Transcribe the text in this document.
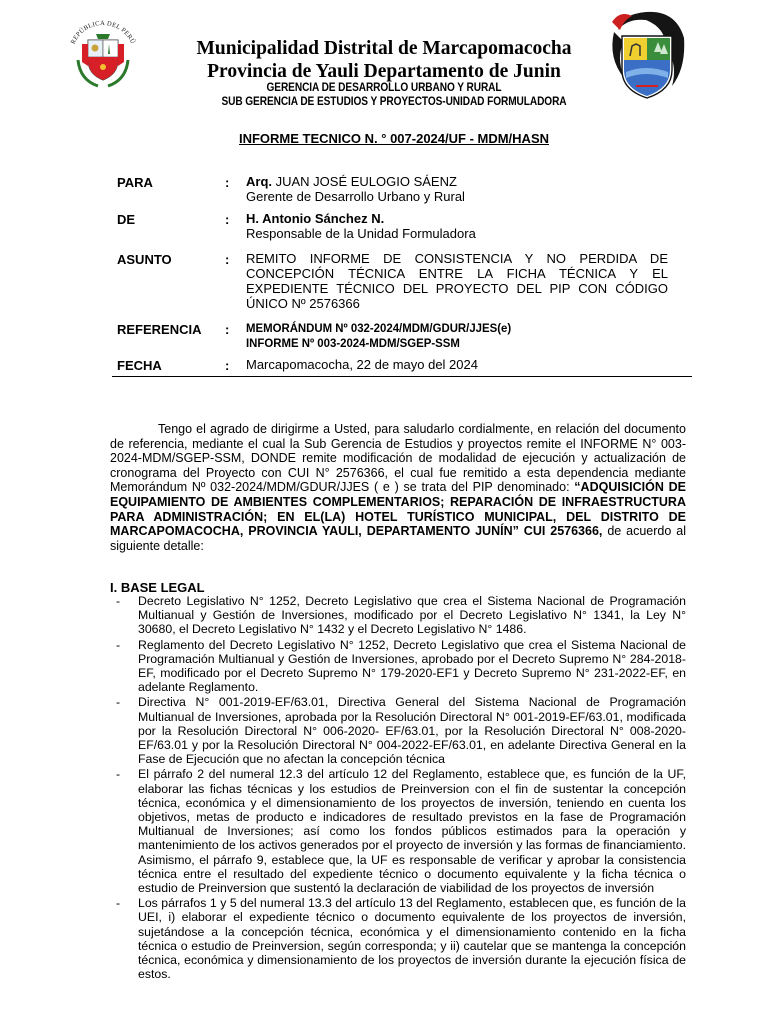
REPÚBLICA DEL PERÚ	Municipalidad Distrital de Marcapomacocha
Provincia de Yauli Departamento de Junin
GERENCIA DE DESARROLLO URBANO Y RURAL
SUB GERENCIA DE ESTUDIOS Y PROYECTOS-UNIDAD FORMULADORA
INFORME TECNICO N. ° 007-2024/UF - MDM/HASN
PARA	: Arq. JUAN JOSÉ EULOGIO SÁENZ
Gerente de Desarrollo Urbano y Rural
DE	: H. Antonio Sánchez N.
Responsable de la Unidad Formuladora
ASUNTO	: REMITO INFORME DE CONSISTENCIA Y NO PERDIDA DE CONCEPCIÓN TÉCNICA ENTRE LA FICHA TÉCNICA Y EL EXPEDIENTE TÉCNICO DEL PROYECTO DEL PIP CON CÓDIGO ÚNICO Nº 2576366
REFERENCIA : MEMORÁNDUM Nº 032-2024/MDM/GDUR/JJES(e)
INFORME Nº 003-2024-MDM/SGEP-SSM
FECHA	: Marcapomacocha, 22 de mayo del 2024
Tengo el agrado de dirigirme a Usted, para saludarlo cordialmente, en relación del documento de referencia, mediante el cual la Sub Gerencia de Estudios y proyectos remite el INFORME N° 003-2024-MDM/SGEP-SSM, DONDE remite modificación de modalidad de ejecución y actualización de cronograma del Proyecto con CUI N° 2576366, el cual fue remitido a esta dependencia mediante Memorándum Nº 032-2024/MDM/GDUR/JJES ( e ) se trata del PIP denominado: “ADQUISICIÓN DE EQUIPAMIENTO DE AMBIENTES COMPLEMENTARIOS; REPARACIÓN DE INFRAESTRUCTURA PARA ADMINISTRACIÓN; EN EL(LA) HOTEL TURÍSTICO MUNICIPAL, DEL DISTRITO DE MARCAPOMACOCHA, PROVINCIA YAULI, DEPARTAMENTO JUNÍN” CUI 2576366, de acuerdo al siguiente detalle:
I. BASE LEGAL
- Decreto Legislativo N° 1252, Decreto Legislativo que crea el Sistema Nacional de Programación Multianual y Gestión de Inversiones, modificado por el Decreto Legislativo N° 1341, la Ley N° 30680, el Decreto Legislativo N° 1432 y el Decreto Legislativo N° 1486.
- Reglamento del Decreto Legislativo N° 1252, Decreto Legislativo que crea el Sistema Nacional de Programación Multianual y Gestión de Inversiones, aprobado por el Decreto Supremo N° 284-2018-EF, modificado por el Decreto Supremo N° 179-2020-EF1 y Decreto Supremo N° 231-2022-EF, en adelante Reglamento.
- Directiva N° 001-2019-EF/63.01, Directiva General del Sistema Nacional de Programación Multianual de Inversiones, aprobada por la Resolución Directoral N° 001-2019-EF/63.01, modificada por la Resolución Directoral N° 006-2020- EF/63.01, por la Resolución Directoral N° 008-2020-EF/63.01 y por la Resolución Directoral N° 004-2022-EF/63.01, en adelante Directiva General en la Fase de Ejecución que no afectan la concepción técnica
- El párrafo 2 del numeral 12.3 del artículo 12 del Reglamento, establece que, es función de la UF, elaborar las fichas técnicas y los estudios de Preinversion con el fin de sustentar la concepción técnica, económica y el dimensionamiento de los proyectos de inversión, teniendo en cuenta los objetivos, metas de producto e indicadores de resultado previstos en la fase de Programación Multianual de Inversiones; así como los fondos públicos estimados para la operación y mantenimiento de los activos generados por el proyecto de inversión y las formas de financiamiento. Asimismo, el párrafo 9, establece que, la UF es responsable de verificar y aprobar la consistencia técnica entre el resultado del expediente técnico o documento equivalente y la ficha técnica o estudio de Preinversion que sustentó la declaración de viabilidad de los proyectos de inversión
- Los párrafos 1 y 5 del numeral 13.3 del artículo 13 del Reglamento, establecen que, es función de la UEI, i) elaborar el expediente técnico o documento equivalente de los proyectos de inversión, sujetándose a la concepción técnica, económica y el dimensionamiento contenido en la ficha técnica o estudio de Preinversion, según corresponda; y ii) cautelar que se mantenga la concepción técnica, económica y dimensionamiento de los proyectos de inversión durante la ejecución física de estos.
